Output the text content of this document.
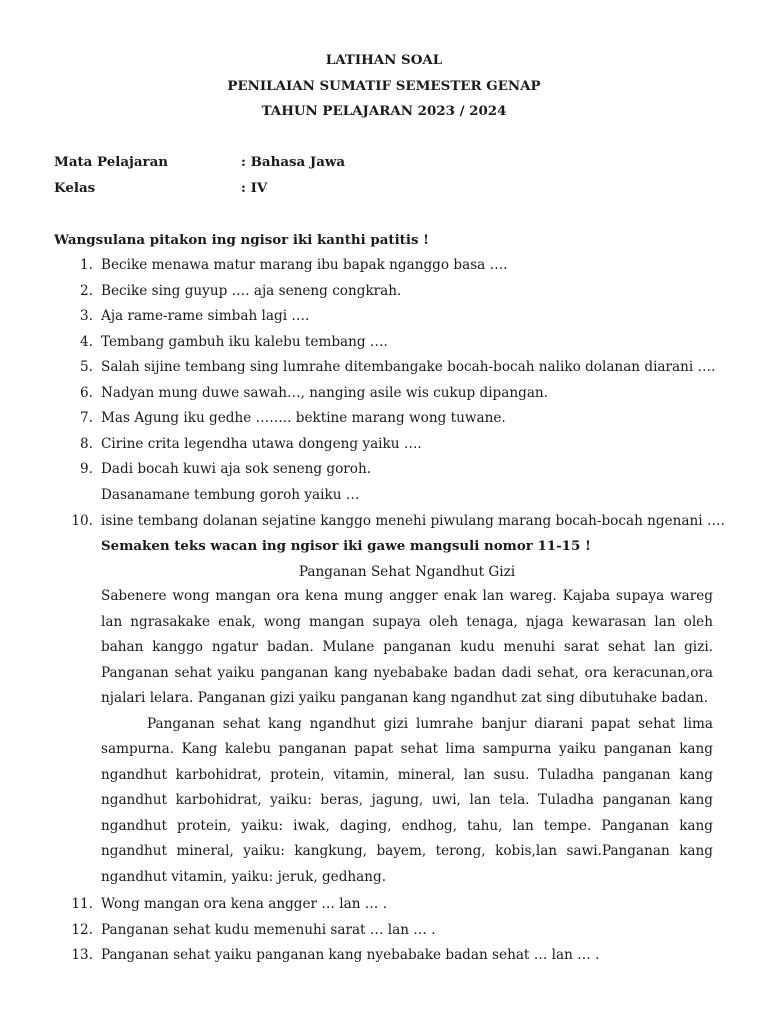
LATIHAN SOAL
PENILAIAN SUMATIF SEMESTER GENAP
TAHUN PELAJARAN 2023 / 2024
Mata Pelajaran	: Bahasa Jawa
Kelas	: IV
Wangsulana pitakon ing ngisor iki kanthi patitis !
1. Becike menawa matur marang ibu bapak nganggo basa ….
2. Becike sing guyup …. aja seneng congkrah.
3. Aja rame-rame simbah lagi ….
4. Tembang gambuh iku kalebu tembang ….
5. Salah sijine tembang sing lumrahe ditembangake bocah-bocah naliko dolanan diarani ….
6. Nadyan mung duwe sawah…, nanging asile wis cukup dipangan.
7. Mas Agung iku gedhe …….. bektine marang wong tuwane.
8. Cirine crita legendha utawa dongeng yaiku ….
9. Dadi bocah kuwi aja sok seneng goroh.
Dasanamane tembung goroh yaiku …
10. isine tembang dolanan sejatine kanggo menehi piwulang marang bocah-bocah ngenani ….
Semaken teks wacan ing ngisor iki gawe mangsuli nomor 11-15 !
Panganan Sehat Ngandhut Gizi

Sabenere wong mangan ora kena mung angger enak lan wareg. Kajaba supaya wareg lan ngrasakake enak, wong mangan supaya oleh tenaga, njaga kewarasan lan oleh bahan kanggo ngatur badan. Mulane panganan kudu menuhi sarat sehat lan gizi. Panganan sehat yaiku panganan kang nyebabake badan dadi sehat, ora keracunan,ora njalari lelara. Panganan gizi yaiku panganan kang ngandhut zat sing dibutuhake badan.

Panganan sehat kang ngandhut gizi lumrahe banjur diarani papat sehat lima sampurna. Kang kalebu panganan papat sehat lima sampurna yaiku panganan kang ngandhut karbohidrat, protein, vitamin, mineral, lan susu. Tuladha panganan kang ngandhut karbohidrat, yaiku: beras, jagung, uwi, lan tela. Tuladha panganan kang ngandhut protein, yaiku: iwak, daging, endhog, tahu, lan tempe. Panganan kang ngandhut mineral, yaiku: kangkung, bayem, terong, kobis,lan sawi.Panganan kang ngandhut vitamin, yaiku: jeruk, gedhang.

11. Wong mangan ora kena angger … lan … .
12. Panganan sehat kudu memenuhi sarat … lan … .
13. Panganan sehat yaiku panganan kang nyebabake badan sehat … lan … .
